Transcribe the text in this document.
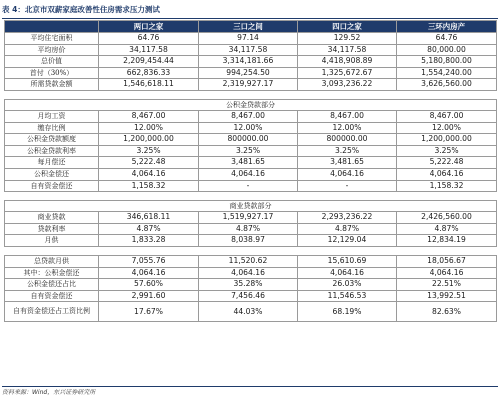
表 4：北京市双薪家庭改善性住房需求压力测试
	两口之家	三口之间	四口之家	三环内房产
平均住宅面积	64.76	97.14	129.52	64.76
平均房价	34,117.58	34,117.58	34,117.58	80,000.00
总价值	2,209,454.44	3,314,181.66	4,418,908.89	5,180,800.00
首付（30%）	662,836.33	994,254.50	1,325,672.67	1,554,240.00
所需贷款金额	1,546,618.11	2,319,927.17	3,093,236.22	3,626,560.00

公积金贷款部分				
月均工资	8,467.00	8,467.00	8,467.00	8,467.00
缴存比例	12.00%	12.00%	12.00%	12.00%
公积金贷款额度	1,200,000.00	800000.00	800000.00	1,200,000.00
公积金贷款利率	3.25%	3.25%	3.25%	3.25%
每月偿还	5,222.48	3,481.65	3,481.65	5,222.48
公积金偿还	4,064.16	4,064.16	4,064.16	4,064.16
自有资金偿还	1,158.32	-	-	1,158.32

商业贷款部分				
商业贷款	346,618.11	1,519,927.17	2,293,236.22	2,426,560.00
贷款利率	4.87%	4.87%	4.87%	4.87%
月供	1,833.28	8,038.97	12,129.04	12,834.19

总贷款月供	7,055.76	11,520.62	15,610.69	18,056.67
其中：公积金偿还	4,064.16	4,064.16	4,064.16	4,064.16
公积金偿还占比	57.60%	35.28%	26.03%	22.51%
自有资金偿还	2,991.60	7,456.46	11,546.53	13,992.51
自有资金偿还占工资比例	17.67%	44.03%	68.19%	82.63%
资料来源：Wind，东兴证券研究所
